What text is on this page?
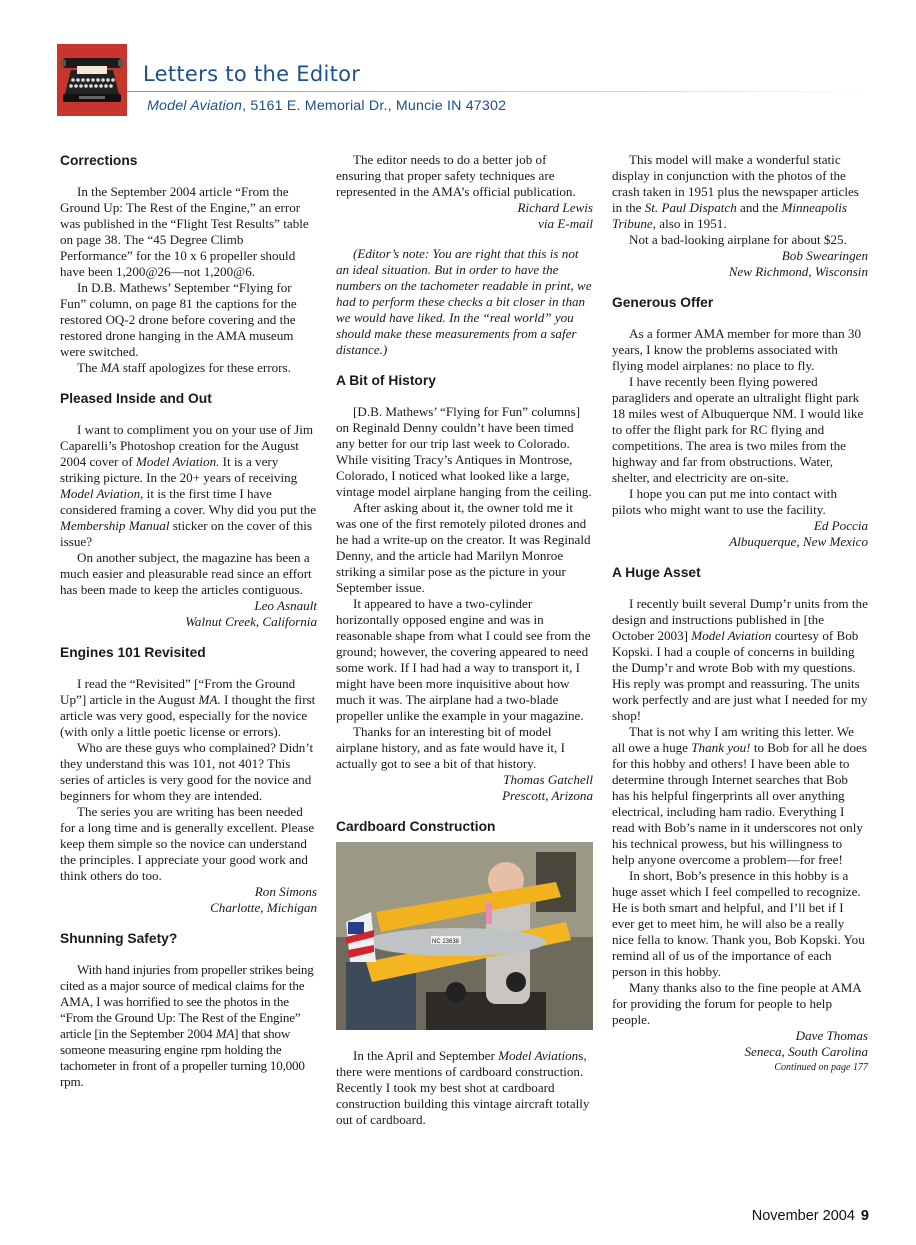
Letters to the Editor
Model Aviation, 5161 E. Memorial Dr., Muncie IN 47302
Corrections

In the September 2004 article “From the Ground Up: The Rest of the Engine,” an error was published in the “Flight Test Results” table on page 38. The “45 Degree Climb Performance” for the 10 x 6 propeller should have been 1,200@26—not 1,200@6.

In D.B. Mathews’ September “Flying for Fun” column, on page 81 the captions for the restored OQ-2 drone before covering and the restored drone hanging in the AMA museum were switched.

The MA staff apologizes for these errors.

Pleased Inside and Out

I want to compliment you on your use of Jim Caparelli’s Photoshop creation for the August 2004 cover of Model Aviation. It is a very striking picture. In the 20+ years of receiving Model Aviation, it is the first time I have considered framing a cover. Why did you put the Membership Manual sticker on the cover of this issue?

On another subject, the magazine has been a much easier and pleasurable read since an effort has been made to keep the articles contiguous.

Leo Asnault

Walnut Creek, California

Engines 101 Revisited

I read the “Revisited” [“From the Ground Up”] article in the August MA. I thought the first article was very good, especially for the novice (with only a little poetic license or errors).

Who are these guys who complained? Didn’t they understand this was 101, not 401? This series of articles is very good for the novice and beginners for whom they are intended.

The series you are writing has been needed for a long time and is generally excellent. Please keep them simple so the novice can understand the principles. I appreciate your good work and think others do too.

Ron Simons

Charlotte, Michigan

Shunning Safety?

With hand injuries from propeller strikes being cited as a major source of medical claims for the AMA, I was horrified to see the photos in the “From the Ground Up: The Rest of the Engine” article [in the September 2004 MA] that show someone measuring engine rpm holding the tachometer in front of a propeller turning 10,000 rpm.

The editor needs to do a better job of ensuring that proper safety techniques are represented in the AMA’s official publication.

Richard Lewis

via E-mail

(Editor’s note: You are right that this is not an ideal situation. But in order to have the numbers on the tachometer readable in print, we had to perform these checks a bit closer in than we would have liked. In the “real world” you should make these measurements from a safer distance.)

A Bit of History

[D.B. Mathews’ “Flying for Fun” columns] on Reginald Denny couldn’t have been timed any better for our trip last week to Colorado. While visiting Tracy’s Antiques in Montrose, Colorado, I noticed what looked like a large, vintage model airplane hanging from the ceiling.

After asking about it, the owner told me it was one of the first remotely piloted drones and he had a write-up on the creator. It was Reginald Denny, and the article had Marilyn Monroe striking a similar pose as the picture in your September issue.

It appeared to have a two-cylinder horizontally opposed engine and was in reasonable shape from what I could see from the ground; however, the covering appeared to need some work. If I had had a way to transport it, I might have been more inquisitive about how much it was. The airplane had a two-blade propeller unlike the example in your magazine.

Thanks for an interesting bit of model airplane history, and as fate would have it, I actually got to see a bit of that history.

Thomas Gatchell

Prescott, Arizona

Cardboard Construction
NC 23638

In the April and September Model Aviations, there were mentions of cardboard construction. Recently I took my best shot at cardboard construction building this vintage aircraft totally out of cardboard.

This model will make a wonderful static display in conjunction with the photos of the crash taken in 1951 plus the newspaper articles in the St. Paul Dispatch and the Minneapolis Tribune, also in 1951.

Not a bad-looking airplane for about $25.

Bob Swearingen

New Richmond, Wisconsin

Generous Offer

As a former AMA member for more than 30 years, I know the problems associated with flying model airplanes: no place to fly.

I have recently been flying powered paragliders and operate an ultralight flight park 18 miles west of Albuquerque NM. I would like to offer the flight park for RC flying and competitions. The area is two miles from the highway and far from obstructions. Water, shelter, and electricity are on-site.

I hope you can put me into contact with pilots who might want to use the facility.

Ed Poccia

Albuquerque, New Mexico

A Huge Asset

I recently built several Dump’r units from the design and instructions published in [the October 2003] Model Aviation courtesy of Bob Kopski. I had a couple of concerns in building the Dump’r and wrote Bob with my questions. His reply was prompt and reassuring. The units work perfectly and are just what I needed for my shop!

That is not why I am writing this letter. We all owe a huge Thank you! to Bob for all he does for this hobby and others! I have been able to determine through Internet searches that Bob has his helpful fingerprints all over anything electrical, including ham radio. Everything I read with Bob’s name in it underscores not only his technical prowess, but his willingness to help anyone overcome a problem—for free!

In short, Bob’s presence in this hobby is a huge asset which I feel compelled to recognize. He is both smart and helpful, and I’ll bet if I ever get to meet him, he will also be a really nice fella to know. Thank you, Bob Kopski. You remind all of us of the importance of each person in this hobby.

Many thanks also to the fine people at AMA for providing the forum for people to help people.

Dave Thomas

Seneca, South Carolina

Continued on page 177

November 2004 9
